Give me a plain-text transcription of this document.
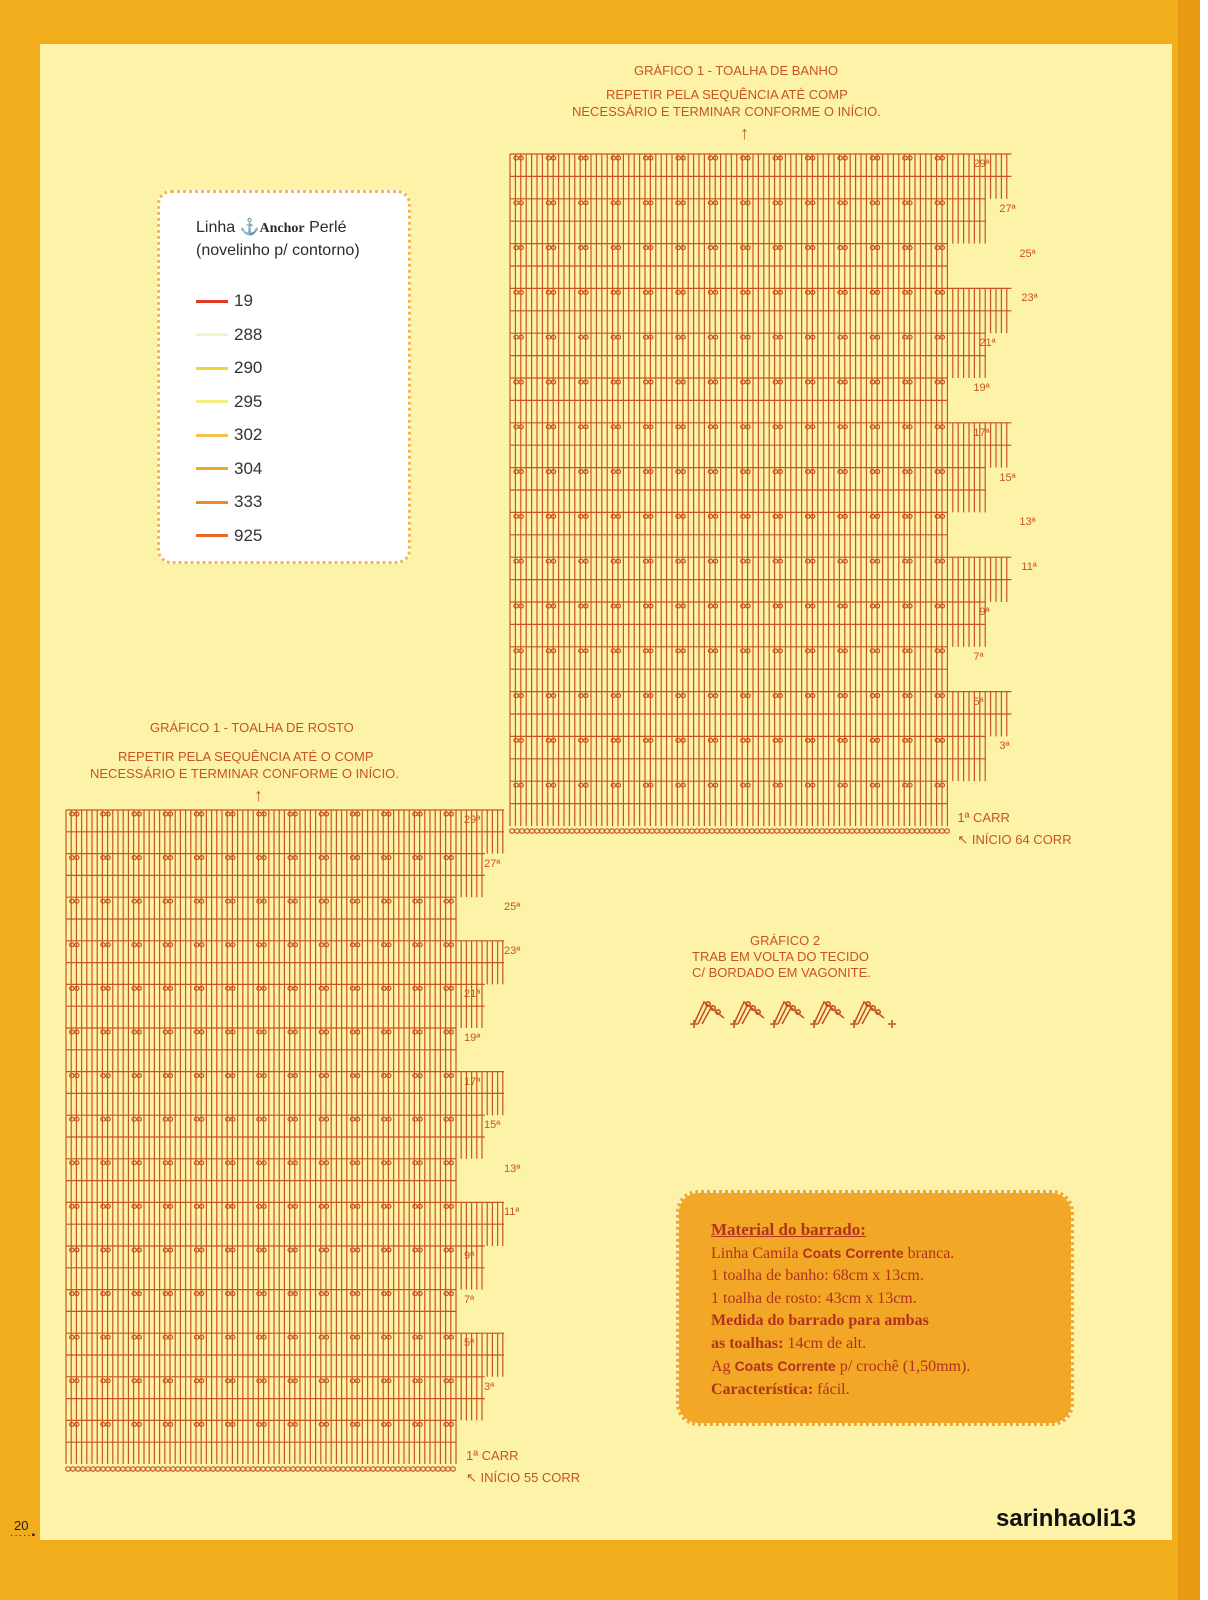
Linha ⚓Anchor Perlé
(novelinho p/ contorno)
19
288
290
295
302
304
333
925
GRÁFICO 1 - TOALHA DE BANHO
REPETIR PELA SEQUÊNCIA ATÉ COMP
NECESSÁRIO E TERMINAR CONFORME O INÍCIO.
↑
GRÁFICO 1 - TOALHA DE ROSTO
REPETIR PELA SEQUÊNCIA ATÉ O COMP
NECESSÁRIO E TERMINAR CONFORME O INÍCIO.
↑
29ª
27ª
25ª
23ª
21ª
19ª
17ª
15ª
13ª
11ª
9ª
7ª
5ª
3ª
1ª CARR
↖ INÍCIO 64 CORR
29ª
27ª
25ª
23ª
21ª
19ª
17ª
15ª
13ª
11ª
9ª
7ª
5ª
3ª
1ª CARR
↖ INÍCIO 55 CORR
GRÁFICO 2
TRAB EM VOLTA DO TECIDO
C/ BORDADO EM VAGONITE.
Material do barrado:
Linha Camila Coats Corrente branca.
1 toalha de banho: 68cm x 13cm.
1 toalha de rosto: 43cm x 13cm.
Medida do barrado para ambas
as toalhas: 14cm de alt.
Ag Coats Corrente p/ crochê (1,50mm).
Característica: fácil.
20
·····▪
sarinhaoli13
